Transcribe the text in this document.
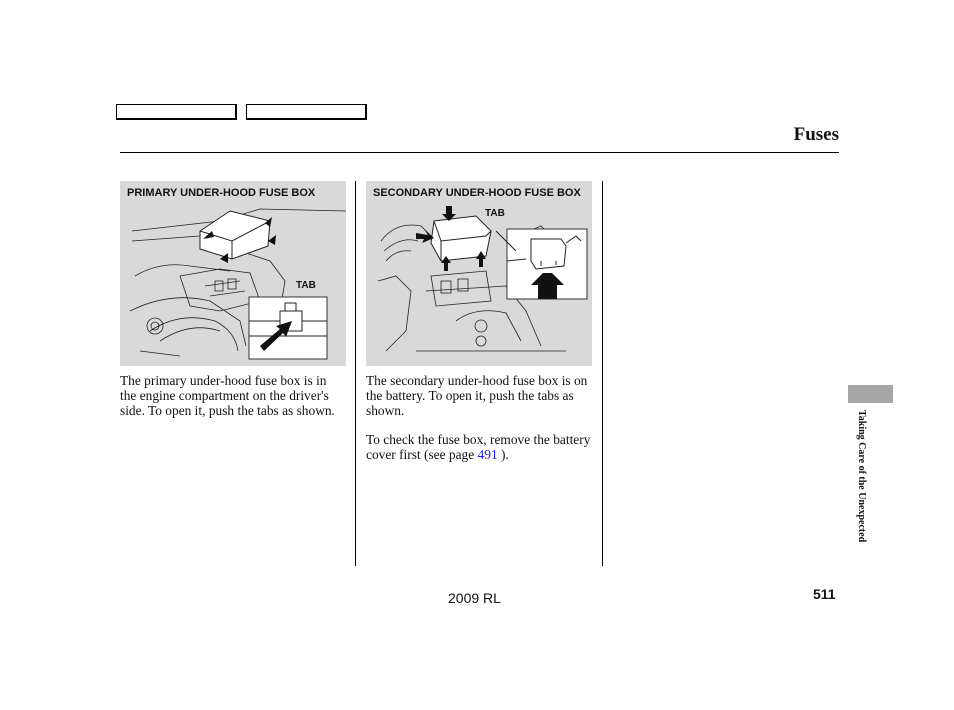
Fuses
PRIMARY UNDER-HOOD FUSE BOX
TAB
SECONDARY UNDER-HOOD FUSE BOX
TAB
The primary under-hood fuse box is in the engine compartment on the driver's side. To open it, push the tabs as shown.
The secondary under-hood fuse box is on the battery. To open it, push the tabs as shown.
To check the fuse box, remove the battery cover first (see page 491 ).	Taking Care of the Unexpected
2009 RL	511
